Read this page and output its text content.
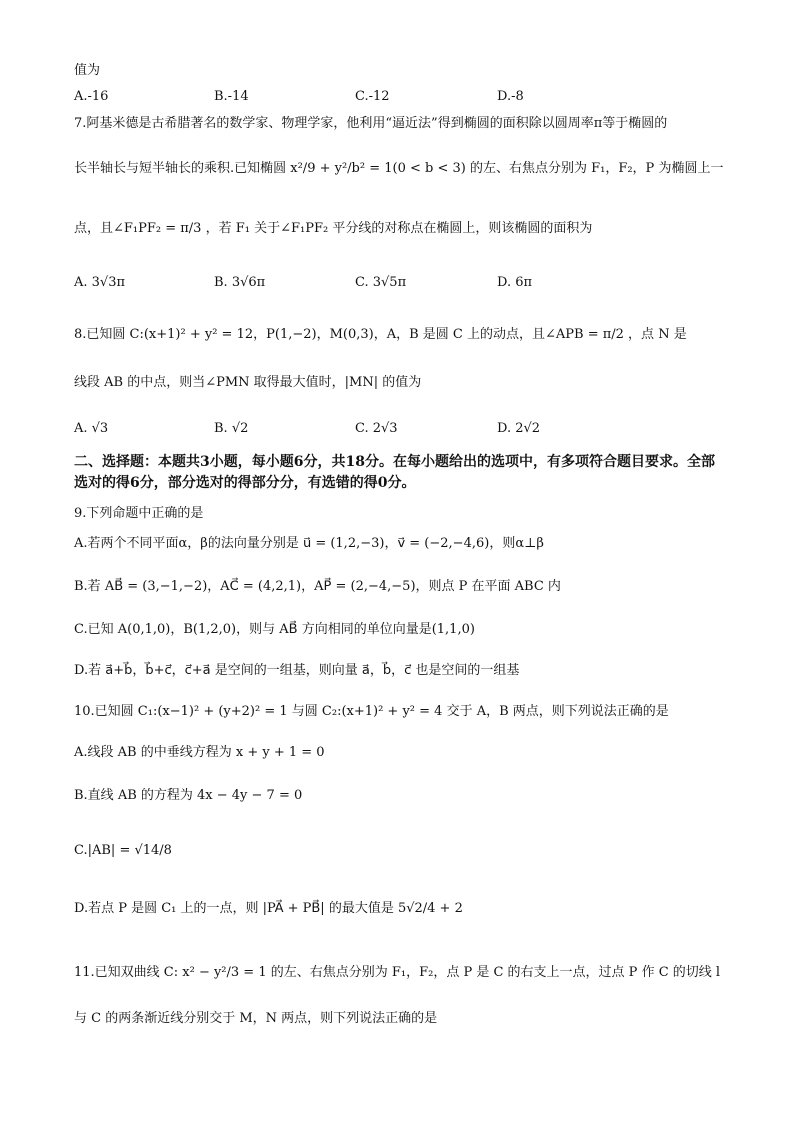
值为
A.-16	B.-14	C.-12	D.-8
7.阿基米德是古希腊著名的数学家、物理学家，他利用“逼近法”得到椭圆的面积除以圆周率π等于椭圆的
长半轴长与短半轴长的乘积.已知椭圆 x²/9 + y²/b² = 1(0 < b < 3) 的左、右焦点分别为 F₁，F₂，P 为椭圆上一
点，且∠F₁PF₂ = π/3 ，若 F₁ 关于∠F₁PF₂ 平分线的对称点在椭圆上，则该椭圆的面积为
A. 3√3π	B. 3√6π	C. 3√5π	D. 6π
8.已知圆 C:(x+1)² + y² = 12，P(1,−2)，M(0,3)，A，B 是圆 C 上的动点，且∠APB = π/2 ，点 N 是
线段 AB 的中点，则当∠PMN 取得最大值时，|MN| 的值为
A. √3	B. √2	C. 2√3	D. 2√2
二、选择题：本题共3小题，每小题6分，共18分。在每小题给出的选项中，有多项符合题目要求。全部选对的得6分，部分选对的得部分分，有选错的得0分。
9.下列命题中正确的是
A.若两个不同平面α，β的法向量分别是 u⃗ = (1,2,−3)，v⃗ = (−2,−4,6)，则α⊥β
B.若 AB⃗ = (3,−1,−2)，AC⃗ = (4,2,1)，AP⃗ = (2,−4,−5)，则点 P 在平面 ABC 内
C.已知 A(0,1,0)，B(1,2,0)，则与 AB⃗ 方向相同的单位向量是(1,1,0)
D.若 a⃗+b⃗，b⃗+c⃗，c⃗+a⃗ 是空间的一组基，则向量 a⃗，b⃗，c⃗ 也是空间的一组基
10.已知圆 C₁:(x−1)² + (y+2)² = 1 与圆 C₂:(x+1)² + y² = 4 交于 A，B 两点，则下列说法正确的是
A.线段 AB 的中垂线方程为 x + y + 1 = 0
B.直线 AB 的方程为 4x − 4y − 7 = 0
C.|AB| = √14/8
D.若点 P 是圆 C₁ 上的一点，则 |PA⃗ + PB⃗| 的最大值是 5√2/4 + 2
11.已知双曲线 C: x² − y²/3 = 1 的左、右焦点分别为 F₁，F₂，点 P 是 C 的右支上一点，过点 P 作 C 的切线 l
与 C 的两条渐近线分别交于 M，N 两点，则下列说法正确的是
